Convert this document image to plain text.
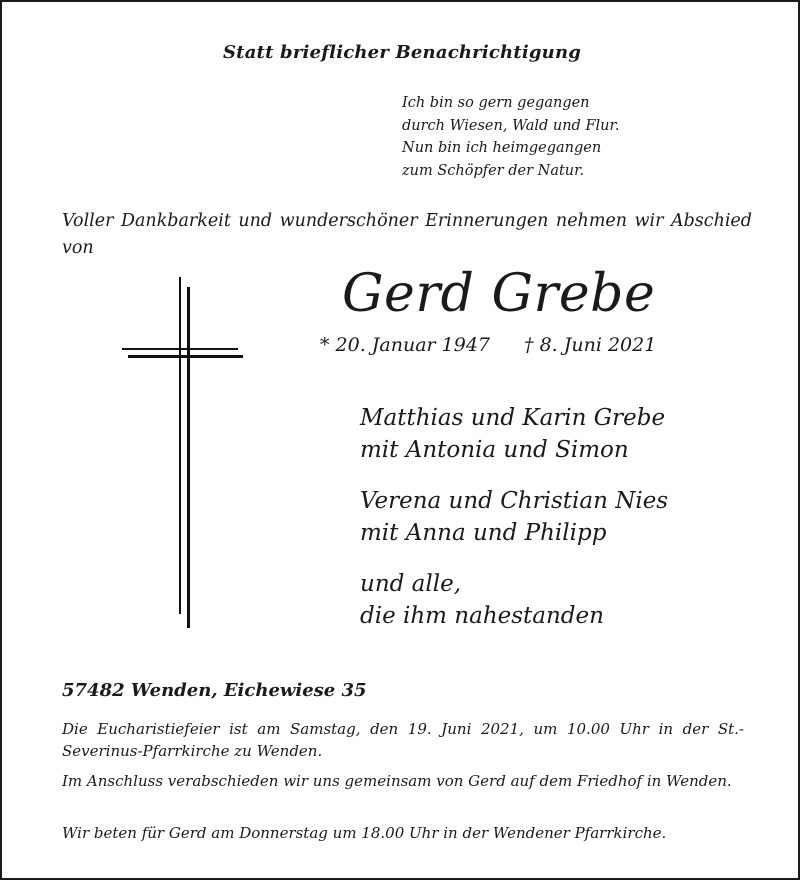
Statt brieflicher Benachrichtigung

Ich bin so gern gegangen
durch Wiesen, Wald und Flur.
Nun bin ich heimgegangen
zum Schöpfer der Natur.

Voller Dankbarkeit und wunderschöner Erinnerungen nehmen wir Abschied von

Gerd Grebe

* 20. Januar 1947 † 8. Juni 2021

Matthias und Karin Grebe
mit Antonia und Simon
Verena und Christian Nies
mit Anna und Philipp
und alle,
die ihm nahestanden

57482 Wenden, Eichewiese 35

Die Eucharistiefeier ist am Samstag, den 19. Juni 2021, um 10.00 Uhr in der St.-Severinus-Pfarrkirche zu Wenden.

Im Anschluss verabschieden wir uns gemeinsam von Gerd auf dem Friedhof in Wenden.

Wir beten für Gerd am Donnerstag um 18.00 Uhr in der Wendener Pfarrkirche.
